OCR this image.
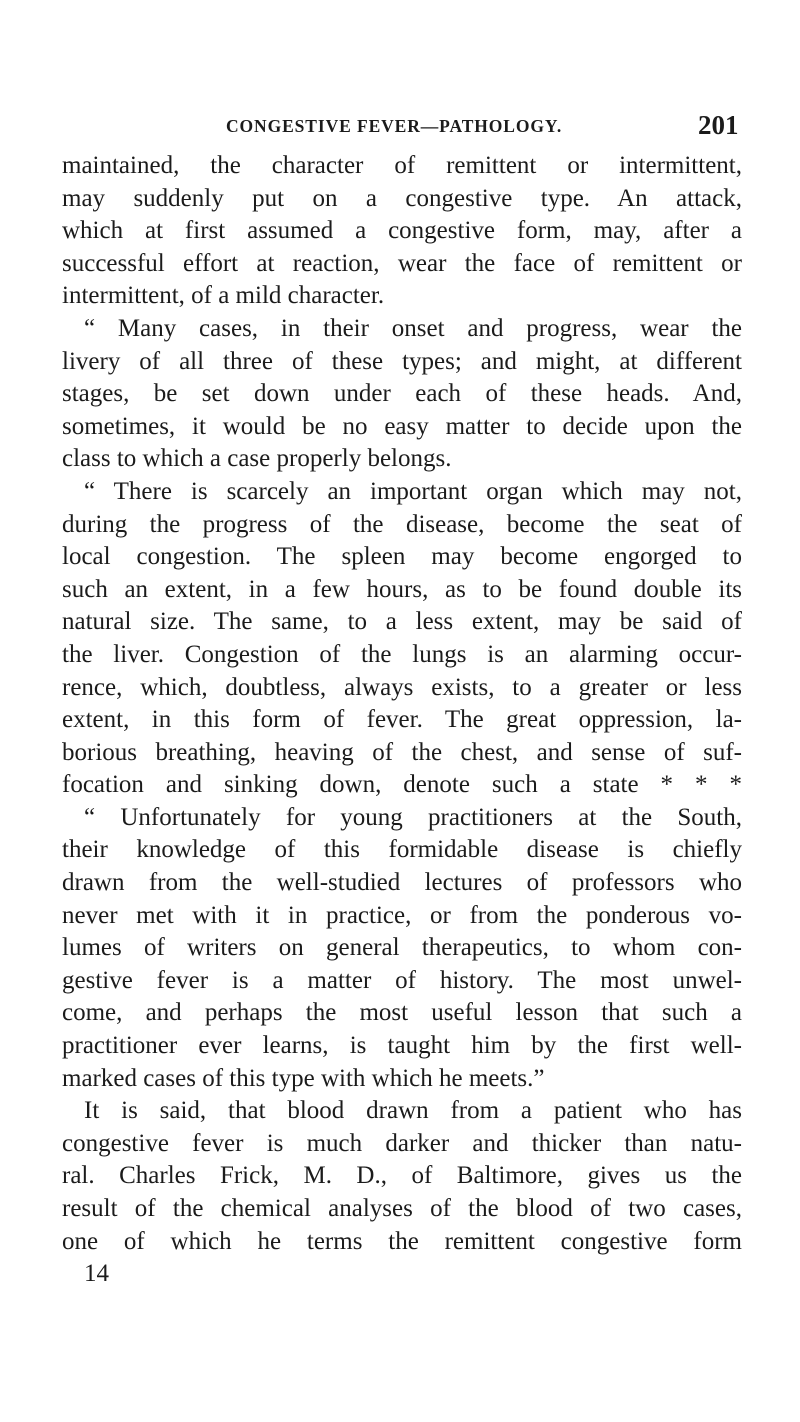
CONGESTIVE FEVER—PATHOLOGY.	201
maintained, the character of remittent or intermittent,
may suddenly put on a congestive type. An attack,
which at first assumed a congestive form, may, after a
successful effort at reaction, wear the face of remittent or
intermittent, of a mild character.
“ Many cases, in their onset and progress, wear the
livery of all three of these types; and might, at different
stages, be set down under each of these heads. And,
sometimes, it would be no easy matter to decide upon the
class to which a case properly belongs.
“ There is scarcely an important organ which may not,
during the progress of the disease, become the seat of
local congestion. The spleen may become engorged to
such an extent, in a few hours, as to be found double its
natural size. The same, to a less extent, may be said of
the liver. Congestion of the lungs is an alarming occur-
rence, which, doubtless, always exists, to a greater or less
extent, in this form of fever. The great oppression, la-
borious breathing, heaving of the chest, and sense of suf-
focation and sinking down, denote such a state * * *
“ Unfortunately for young practitioners at the South,
their knowledge of this formidable disease is chiefly
drawn from the well-studied lectures of professors who
never met with it in practice, or from the ponderous vo-
lumes of writers on general therapeutics, to whom con-
gestive fever is a matter of history. The most unwel-
come, and perhaps the most useful lesson that such a
practitioner ever learns, is taught him by the first well-
marked cases of this type with which he meets.”
It is said, that blood drawn from a patient who has
congestive fever is much darker and thicker than natu-
ral. Charles Frick, M. D., of Baltimore, gives us the
result of the chemical analyses of the blood of two cases,
one of which he terms the remittent congestive form
14
